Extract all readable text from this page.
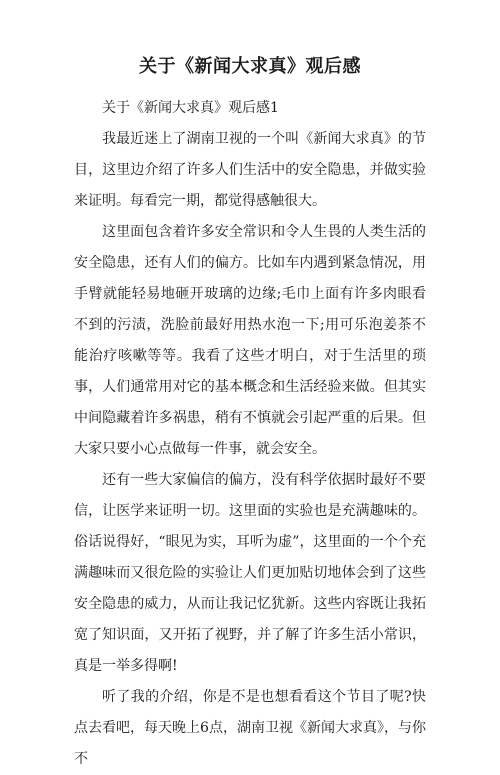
关于《新闻大求真》观后感

关于《新闻大求真》观后感1

我最近迷上了湖南卫视的一个叫《新闻大求真》的节目，这里边介绍了许多人们生活中的安全隐患，并做实验来证明。每看完一期，都觉得感触很大。

这里面包含着许多安全常识和令人生畏的人类生活的安全隐患，还有人们的偏方。比如车内遇到紧急情况，用手臂就能轻易地砸开玻璃的边缘;毛巾上面有许多肉眼看不到的污渍，洗脸前最好用热水泡一下;用可乐泡姜茶不能治疗咳嗽等等。我看了这些才明白，对于生活里的琐事，人们通常用对它的基本概念和生活经验来做。但其实中间隐藏着许多祸患，稍有不慎就会引起严重的后果。但大家只要小心点做每一件事，就会安全。

还有一些大家偏信的偏方，没有科学依据时最好不要信，让医学来证明一切。这里面的实验也是充满趣味的。俗话说得好，“眼见为实，耳听为虚”，这里面的一个个充满趣味而又很危险的实验让人们更加贴切地体会到了这些安全隐患的威力，从而让我记忆犹新。这些内容既让我拓宽了知识面，又开拓了视野，并了解了许多生活小常识，真是一举多得啊!

听了我的介绍，你是不是也想看看这个节目了呢?快点去看吧，每天晚上6点，湖南卫视《新闻大求真》，与你不
